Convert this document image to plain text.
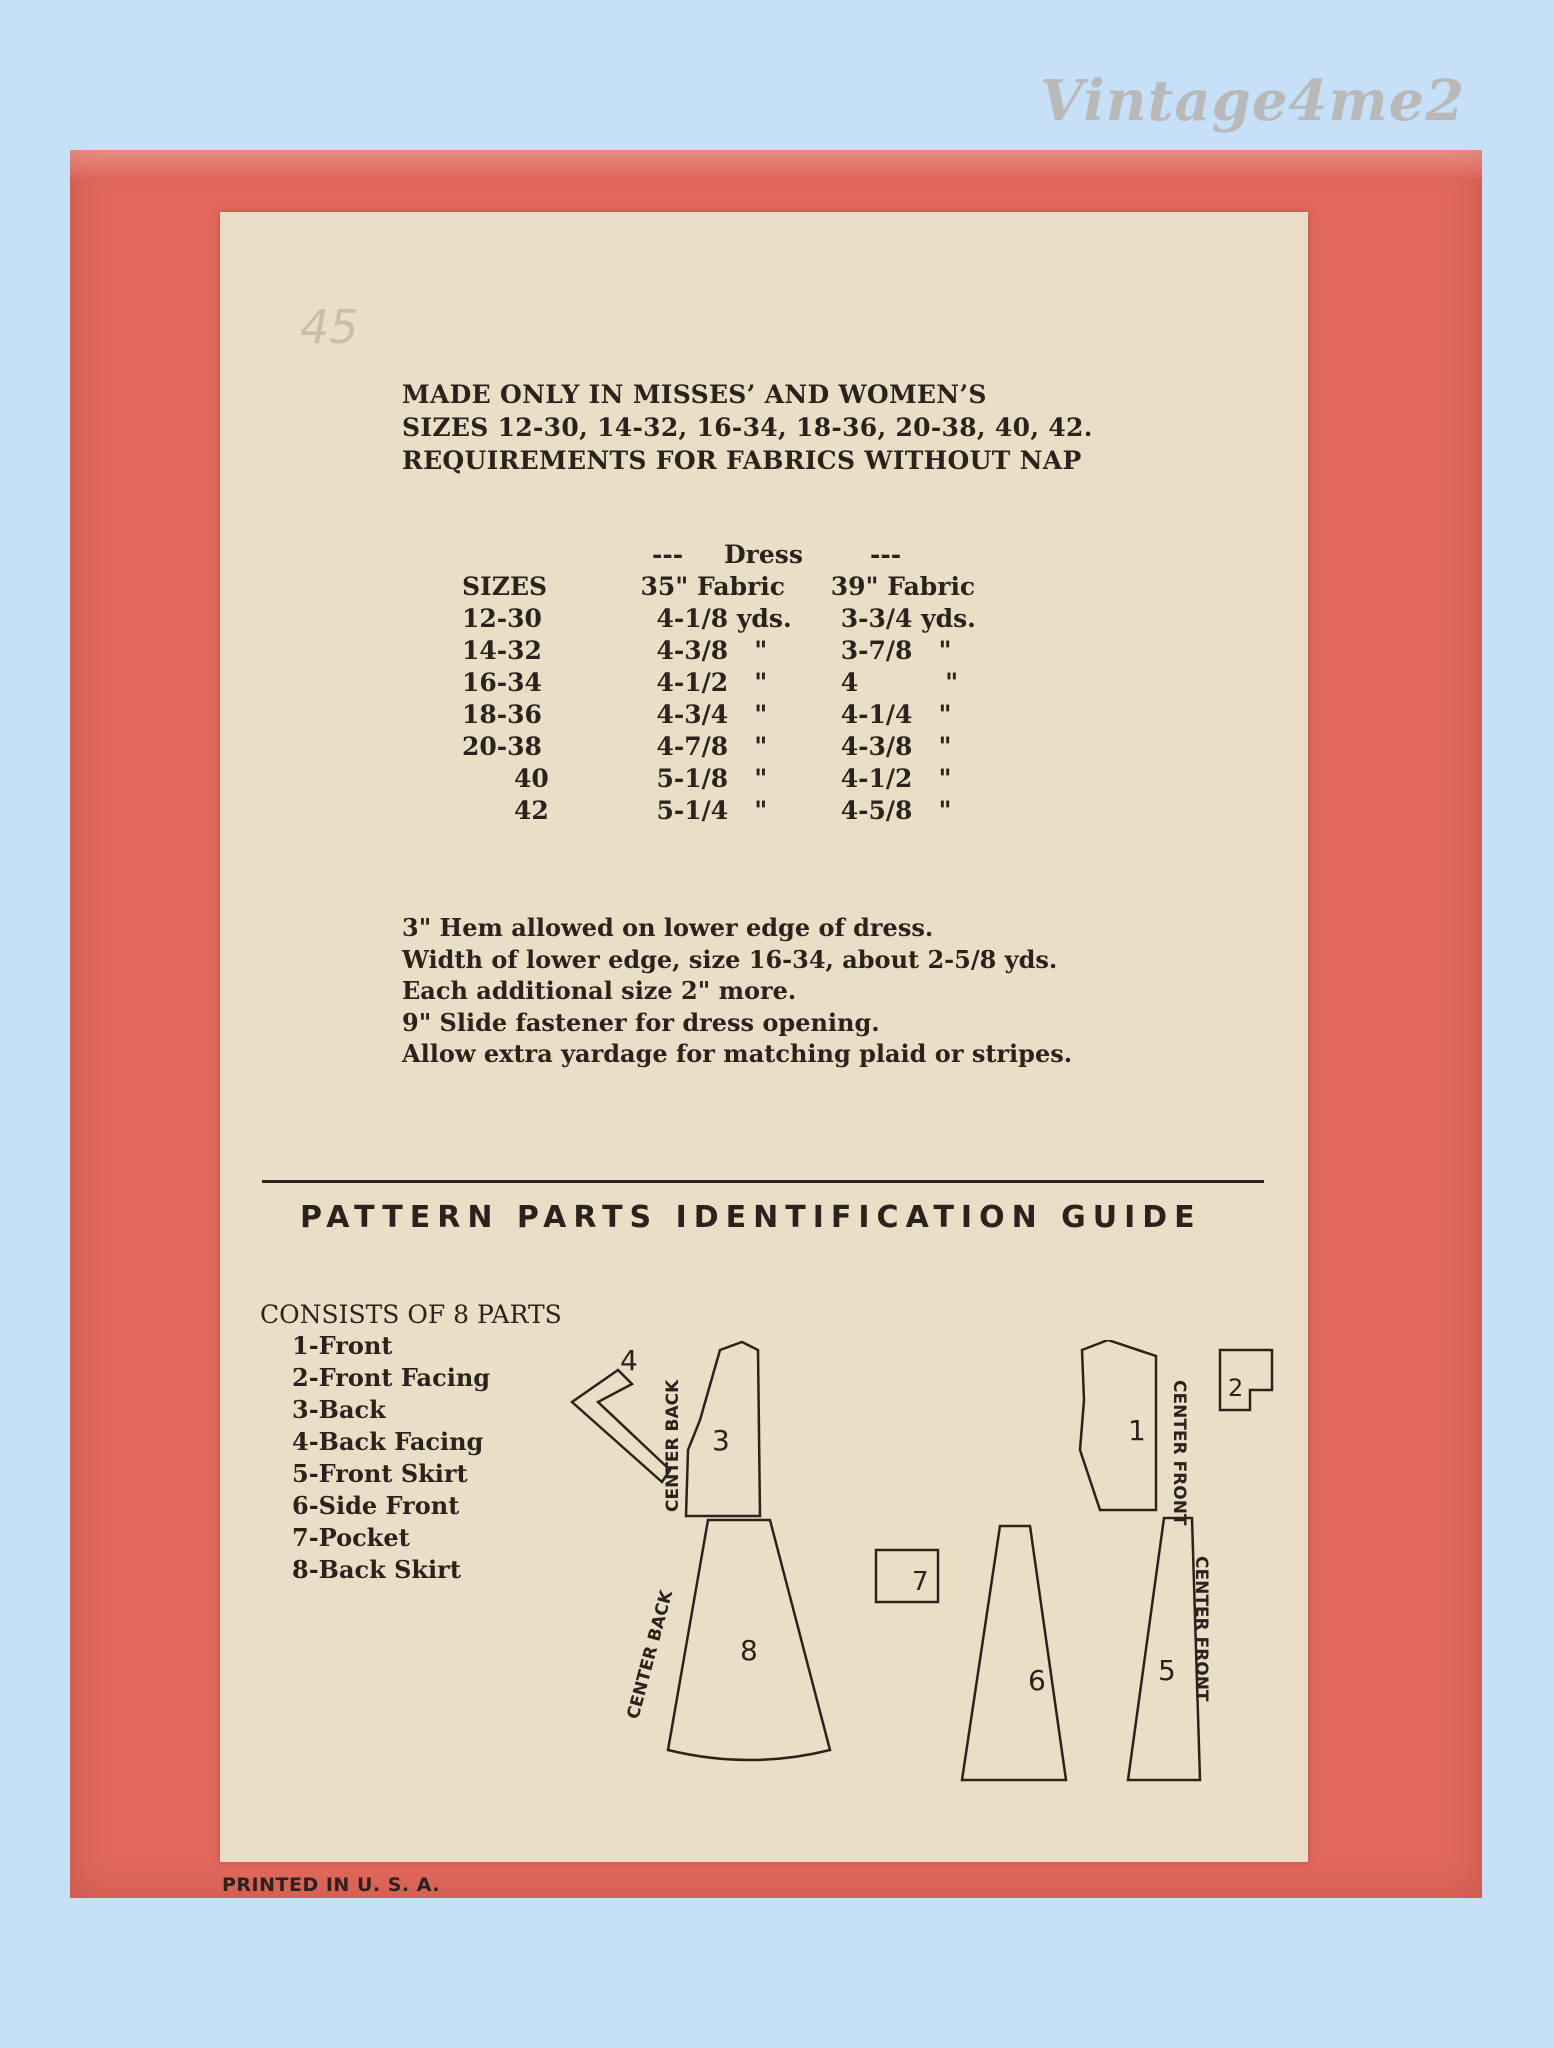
Vintage4me2
45
MADE ONLY IN MISSES’ AND WOMEN’S
SIZES 12-30, 14-32, 16-34, 18-36, 20-38, 40, 42.
REQUIREMENTS FOR FABRICS WITHOUT NAP
--- Dress	---
SIZES	35" Fabric	39" Fabric
12-30	4-1/8 yds.	3-3/4 yds.
14-32	4-3/8   "	3-7/8   "
16-34	4-1/2   "	4          "
18-36	4-3/4   "	4-1/4   "
20-38	4-7/8   "	4-3/8   "
40	5-1/8   "	4-1/2   "
42	5-1/4   "	4-5/8   "
3" Hem allowed on lower edge of dress.
Width of lower edge, size 16-34, about 2-5/8 yds.
Each additional size 2" more.
9" Slide fastener for dress opening.
Allow extra yardage for matching plaid or stripes.
PATTERN PARTS IDENTIFICATION GUIDE
CONSISTS OF 8 PARTS
1-Front
2-Front Facing
3-Back
4-Back Facing
5-Front Skirt
6-Side Front
7-Pocket
8-Back Skirt
4
3
CENTER BACK
8
CENTER BACK
7
6
1 CENTER FRONT 2
5 CENTER FRONT
PRINTED IN U. S. A.
